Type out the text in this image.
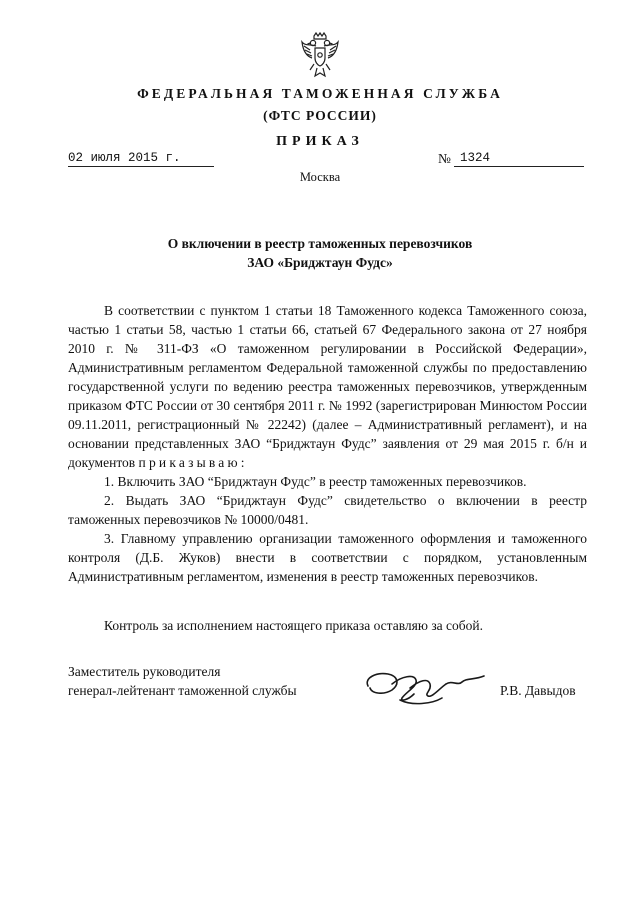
ФЕДЕРАЛЬНАЯ ТАМОЖЕННАЯ СЛУЖБА
(ФТС РОССИИ)
ПРИКАЗ
02 июля 2015 г.	№ 1324
Москва
О включении в реестр таможенных перевозчиков
ЗАО «Бриджтаун Фудс»
В соответствии с пунктом 1 статьи 18 Таможенного кодекса Таможенного союза, частью 1 статьи 58, частью 1 статьи 66, статьей 67 Федерального закона от 27 ноября 2010 г. № 311-ФЗ «О таможенном регулировании в Российской Федерации», Административным регламентом Федеральной таможенной службы по предоставлению государственной услуги по ведению реестра таможенных перевозчиков, утвержденным приказом ФТС России от 30 сентября 2011 г. № 1992 (зарегистрирован Минюстом России 09.11.2011, регистрационный № 22242) (далее – Административный регламент), и на основании представленных ЗАО “Бриджтаун Фудс” заявления от 29 мая 2015 г. б/н и документов приказываю:
1. Включить ЗАО “Бриджтаун Фудс” в реестр таможенных перевозчиков.
2. Выдать ЗАО “Бриджтаун Фудс” свидетельство о включении в реестр таможенных перевозчиков № 10000/0481.
3. Главному управлению организации таможенного оформления и таможенного контроля (Д.Б. Жуков) внести в соответствии с порядком, установленным Административным регламентом, изменения в реестр таможенных перевозчиков.
Контроль за исполнением настоящего приказа оставляю за собой.
Заместитель руководителя
генерал-лейтенант таможенной службы	Р.В. Давыдов
